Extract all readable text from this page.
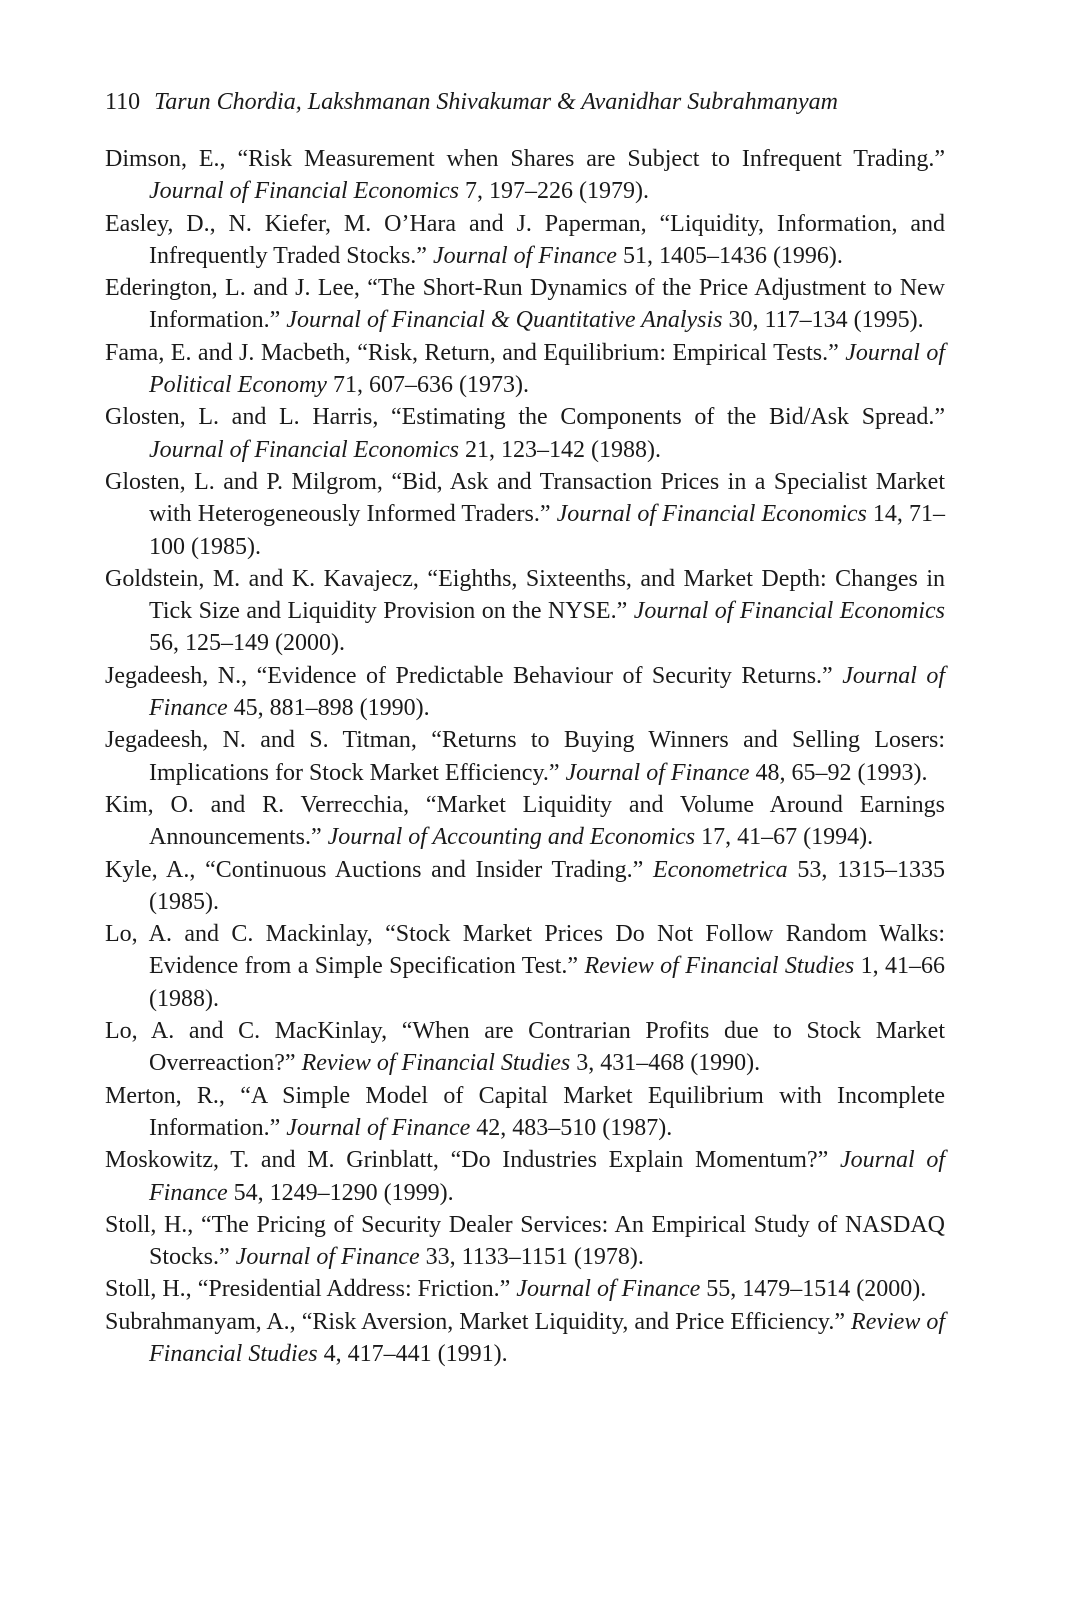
110 Tarun Chordia, Lakshmanan Shivakumar & Avanidhar Subrahmanyam
Dimson, E., “Risk Measurement when Shares are Subject to Infrequent Trading.” Journal of Financial Economics 7, 197–226 (1979).
Easley, D., N. Kiefer, M. O’Hara and J. Paperman, “Liquidity, Information, and Infrequently Traded Stocks.” Journal of Finance 51, 1405–1436 (1996).
Ederington, L. and J. Lee, “The Short-Run Dynamics of the Price Adjustment to New Information.” Journal of Financial & Quantitative Analysis 30, 117–134 (1995).
Fama, E. and J. Macbeth, “Risk, Return, and Equilibrium: Empirical Tests.” Journal of Political Economy 71, 607–636 (1973).
Glosten, L. and L. Harris, “Estimating the Components of the Bid/Ask Spread.” Journal of Financial Economics 21, 123–142 (1988).
Glosten, L. and P. Milgrom, “Bid, Ask and Transaction Prices in a Specialist Market with Heterogeneously Informed Traders.” Journal of Financial Economics 14, 71–100 (1985).
Goldstein, M. and K. Kavajecz, “Eighths, Sixteenths, and Market Depth: Changes in Tick Size and Liquidity Provision on the NYSE.” Journal of Financial Economics 56, 125–149 (2000).
Jegadeesh, N., “Evidence of Predictable Behaviour of Security Returns.” Journal of Finance 45, 881–898 (1990).
Jegadeesh, N. and S. Titman, “Returns to Buying Winners and Selling Losers: Implications for Stock Market Efficiency.” Journal of Finance 48, 65–92 (1993).
Kim, O. and R. Verrecchia, “Market Liquidity and Volume Around Earnings Announcements.” Journal of Accounting and Economics 17, 41–67 (1994).
Kyle, A., “Continuous Auctions and Insider Trading.” Econometrica 53, 1315–1335 (1985).
Lo, A. and C. Mackinlay, “Stock Market Prices Do Not Follow Random Walks: Evidence from a Simple Specification Test.” Review of Financial Studies 1, 41–66 (1988).
Lo, A. and C. MacKinlay, “When are Contrarian Profits due to Stock Market Overreaction?” Review of Financial Studies 3, 431–468 (1990).
Merton, R., “A Simple Model of Capital Market Equilibrium with Incomplete Information.” Journal of Finance 42, 483–510 (1987).
Moskowitz, T. and M. Grinblatt, “Do Industries Explain Momentum?” Journal of Finance 54, 1249–1290 (1999).
Stoll, H., “The Pricing of Security Dealer Services: An Empirical Study of NASDAQ Stocks.” Journal of Finance 33, 1133–1151 (1978).
Stoll, H., “Presidential Address: Friction.” Journal of Finance 55, 1479–1514 (2000).
Subrahmanyam, A., “Risk Aversion, Market Liquidity, and Price Efficiency.” Review of Financial Studies 4, 417–441 (1991).
